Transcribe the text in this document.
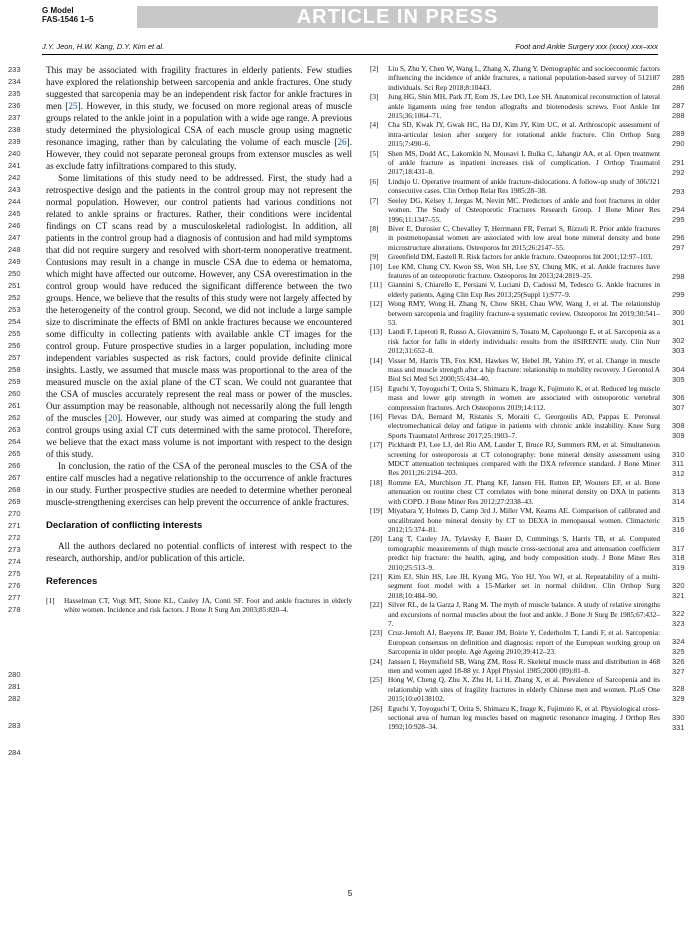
G Model
FAS-1546 1–5	ARTICLE IN PRESS
J.Y. Jeon, H.W. Kang, D.Y. Kim et al.	Foot and Ankle Surgery xxx (xxxx) xxx–xxx
233
234
235
236
237
238
239
240
241
242
243
244
245
246
247
248
249
250
251
252
253
254
255
256
257
258
259
260
261
262
263
264
265
266
267
268
269
270
271
272
273
274
275
276
277
278
280
281
282
283
284

This may be associated with fragility fractures in elderly patients. Few studies have explored the relationship between sarcopenia and ankle fractures. One study suggested that sarcopenia may be an independent risk factor for ankle fractures in men [25]. However, in this study, we focused on more regional areas of muscle groups related to the ankle joint in a population with a wide age range. A previous study determined the physiological CSA of each muscle group using magnetic resonance imaging, rather than by calculating the volume of each muscle [26]. However, they could not separate peroneal groups from extensor muscles as well as exclude fatty infiltrations compared to this study.

Some limitations of this study need to be addressed. First, the study had a retrospective design and the patients in the control group may not represent the normal population. However, our control patients had various conditions not related to ankle sprains or fractures. Rather, their conditions were incidental findings on CT scans read by a musculoskeletal radiologist. In addition, all patients in the control group had a diagnosis of contusion and had mild symptoms that did not require surgery and resolved with short-term nonoperative treatment. Contusions may result in a change in muscle CSA due to edema or hematoma, which might have affected our outcome. However, any CSA overestimation in the control group would have reduced the significant difference between the two groups. Hence, we believe that the results of this study were not largely affected by the heterogeneity of the control group. Second, we did not include a large sample size to discriminate the effects of BMI on ankle fractures because we encountered some difficulty in collecting patients with available ankle CT images for the control group. Future prospective studies in a larger population, including more independent variables suspected as risk factors, could provide definite clinical insights. Lastly, we assumed that muscle mass was proportional to the area of the measured muscle on the axial plane of the CT scan. We could not guarantee that the CSA of muscles accurately represent the real mass or power of the muscles. Our assumption may be reasonable, although not necessarily along the full length of the muscles [20]. However, our study was aimed at comparing the study and control groups using axial CT cuts determined with the same protocol. Therefore, we believe that the exact mass volume is not important with respect to the design of this study.

In conclusion, the ratio of the CSA of the peroneal muscles to the CSA of the entire calf muscles had a negative relationship to the occurrence of ankle fractures in our study. Further prospective studies are needed to determine whether peroneal muscle-strengthening exercises can help prevent the occurrence of ankle fractures.

Declaration of conflicting interests

All the authors declared no potential conflicts of interest with respect to the research, authorship, and/or publication of this article.

References
[1]	Hasselman CT, Vogt MT, Stone KL, Cauley JA, Conti SF. Foot and ankle fractures in elderly white women. Incidence and risk factors. J Bone Jt Surg Am 2003;85:820–4.
[2]	Liu S, Zhu Y, Chen W, Wang L, Zhang X, Zhang Y. Demographic and socioeconomic factors influencing the incidence of ankle fractures, a national population-based survey of 512187 individuals. Sci Rep 2018;8:10443.
[3]	Jung HG, Shin MH, Park JT, Eom JS, Lee DO, Lee SH. Anatomical reconstruction of lateral ankle ligaments using free tendon allografts and biotenodesis screws. Foot Ankle Int 2015;36:1064–71.
[4]	Cha SD, Kwak JY, Gwak HC, Ha DJ, Kim JY, Kim UC, et al. Arthroscopic assessment of intra-articular lesion after surgery for rotational ankle fracture. Clin Orthop Surg 2015;7:490–6.
[5]	Shen MS, Dodd AC, Lakomkin N, Mousavi I, Bulka C, Jahangir AA, et al. Open treatment of ankle fracture as inpatient increases risk of complication. J Orthop Traumatol 2017;18:431–8.
[6]	Lindsjo U. Operative treatment of ankle fracture-dislocations. A follow-up study of 306/321 consecutive cases. Clin Orthop Relat Res 1985:28–38.
[7]	Seeley DG, Kelsey J, Jergas M, Nevitt MC. Predictors of ankle and foot fractures in older women. The Study of Osteoporotic Fractures Research Group. J Bone Miner Res 1996;11:1347–55.
[8]	Biver E, Durosier C, Chevalley T, Herrmann FR, Ferrari S, Rizzoli R. Prior ankle fractures in postmenopausal women are associated with low areal bone mineral density and bone microstructure alterations. Osteoporos Int 2015;26:2147–55.
[9]	Greenfield DM, Eastell R. Risk factors for ankle fracture. Osteoporos Int 2001;12:97–103.
[10] Lee KM, Chung CY, Kwon SS, Won SH, Lee SY, Chung MK, et al. Ankle fractures have features of an osteoporotic fracture. Osteoporos Int 2013;24:2819–25.
[11] Giannini S, Chiarello E, Persiani V, Luciani D, Cadossi M, Tedesco G. Ankle fractures in elderly patients. Aging Clin Exp Res 2013;25(Suppl 1):S77–9.
[12] Wong RMY, Wong H, Zhang N, Chow SKH, Chau WW, Wang J, et al. The relationship between sarcopenia and fragility fracture-a systematic review. Osteoporos Int 2019;30:541–53.
[13] Landi F, Liperoti R, Russo A, Giovannini S, Tosato M, Capoluongo E, et al. Sarcopenia as a risk factor for falls in elderly individuals: results from the ilSIRENTE study. Clin Nutr 2012;31:652–8.
[14] Visser M, Harris TB, Fox KM, Hawkes W, Hebel JR, Yahiro JY, et al. Change in muscle mass and muscle strength after a hip fracture: relationship to mobility recovery. J Gerontol A Biol Sci Med Sci 2000;55:434–40.
[15] Eguchi Y, Toyoguchi T, Orita S, Shimazu K, Inage K, Fujimoto K, et al. Reduced leg muscle mass and lower grip strength in women are associated with osteoporotic vertebral compression fractures. Arch Osteoporos 2019;14:112.
[16] Flevas DA, Bernard M, Ristanis S, Moraiti C, Georgoulis AD, Pappas E. Peroneal electromechanical delay and fatigue in patients with chronic ankle instability. Knee Surg Sports Traumatol Arthrosc 2017;25:1903–7.
[17] Pickhardt PJ, Lee LJ, del Rio AM, Lauder T, Bruce RJ, Summers RM, et al. Simultaneous screening for osteoporosis at CT colonography: bone mineral density assessment using MDCT attenuation techniques compared with the DXA reference standard. J Bone Miner Res 2011;26:2194–203.
[18] Romme EA, Murchison JT, Phang KF, Jansen FH, Rutten EP, Wouters EF, et al. Bone attenuation on routine chest CT correlates with bone mineral density on DXA in patients with COPD. J Bone Miner Res 2012;27:2338–43.
[19] Miyabara Y, Holmes D, Camp 3rd J, Miller VM, Kearns AE. Comparison of calibrated and uncalibrated bone mineral density by CT to DEXA in menopausal women. Climacteric 2012;15:374–81.
[20] Lang T, Cauley JA, Tylavsky F, Bauer D, Cummings S, Harris TB, et al. Computed tomographic measurements of thigh muscle cross-sectional area and attenuation coefficient predict hip fracture: the health, aging, and body composition study. J Bone Miner Res 2010;25:513–9.
[21] Kim EJ, Shin HS, Lee JH, Kyung MG, Yoo HJ, Yoo WJ, et al. Repeatability of a multi-segment foot model with a 15-Marker set in normal children. Clin Orthop Surg 2018;10:484–90.
[22] Silver RL, de la Garza J, Rang M. The myth of muscle balance. A study of relative strengths and excursions of normal muscles about the foot and ankle. J Bone Jt Surg Br 1985;67:432–7.
[23] Cruz-Jentoft AJ, Baeyens JP, Bauer JM, Boirie Y, Cederholm T, Landi F, et al. Sarcopenia: European consensus on definition and diagnosis: report of the European working group on Sarcopenia in older people. Age Ageing 2010;39:412–23.
[24] Janssen I, Heymsfield SB, Wang ZM, Ross R. Skeletal muscle mass and distribution in 468 men and women aged 18-88 yr. J Appl Physiol 1985;2000 (89):81–8.
[25] Hong W, Cheng Q, Zhu X, Zhu H, Li H, Zhang X, et al. Prevalence of Sarcopenia and its relationship with sites of fragility fractures in elderly Chinese men and women. PLoS One 2015;10:e0138102.
[26] Eguchi Y, Toyoguchi T, Orita S, Shimazu K, Inage K, Fujimoto K, et al. Physiological cross-sectional area of human leg muscles based on magnetic resonance imaging. J Orthop Res 1992;10:928–34.
285
286
287
288
289
290
291
292
293
294
295
296
297
298
299
300
301
302
303
304
305
306
307
308
309
310
311
312
313
314
315
316
317
318
319
320
321
322
323
324
325
326
327
328
329
330
331
5
